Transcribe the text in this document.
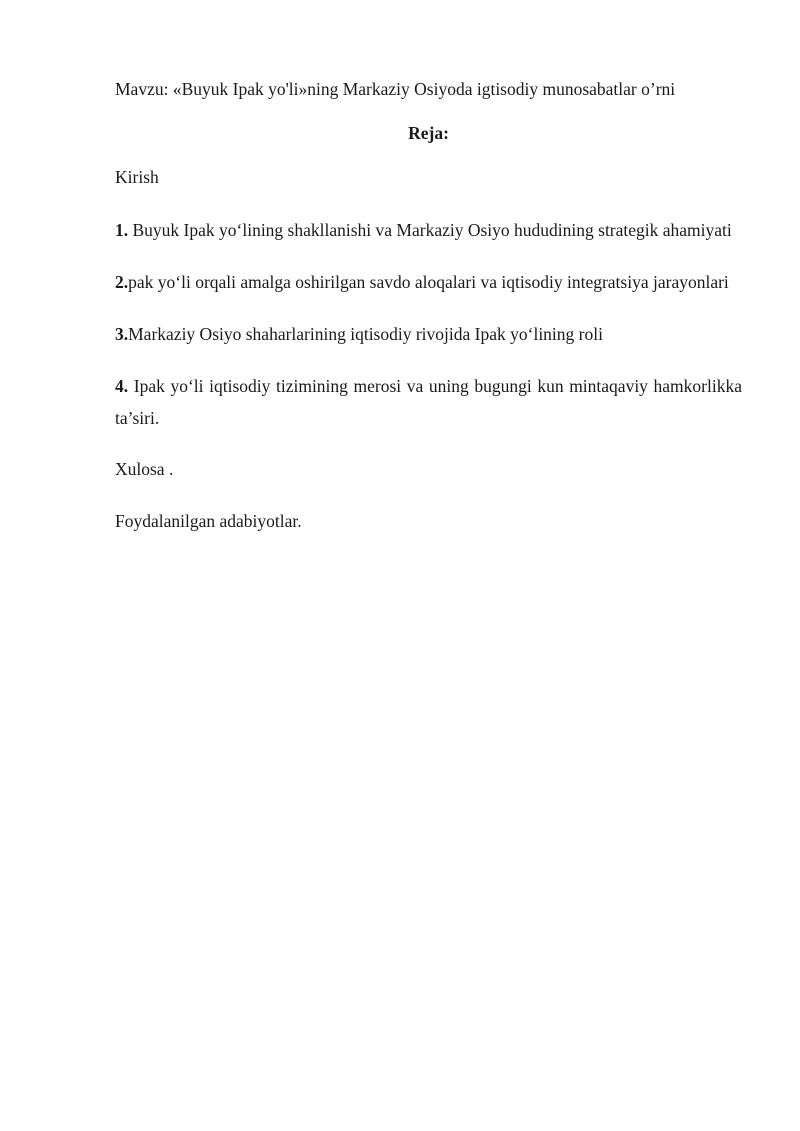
Mavzu: «Buyuk Ipak yo'li»ning Markaziy Osiyoda igtisodiy munosabatlar o’rni

Reja:

Kirish

1. Buyuk Ipak yo‘lining shakllanishi va Markaziy Osiyo hududining strategik ahamiyati

2.pak yo‘li orqali amalga oshirilgan savdo aloqalari va iqtisodiy integratsiya jarayonlari

3.Markaziy Osiyo shaharlarining iqtisodiy rivojida Ipak yo‘lining roli

4. Ipak yo‘li iqtisodiy tizimining merosi va uning bugungi kun mintaqaviy hamkorlikka ta’siri.

Xulosa .

Foydalanilgan adabiyotlar.
